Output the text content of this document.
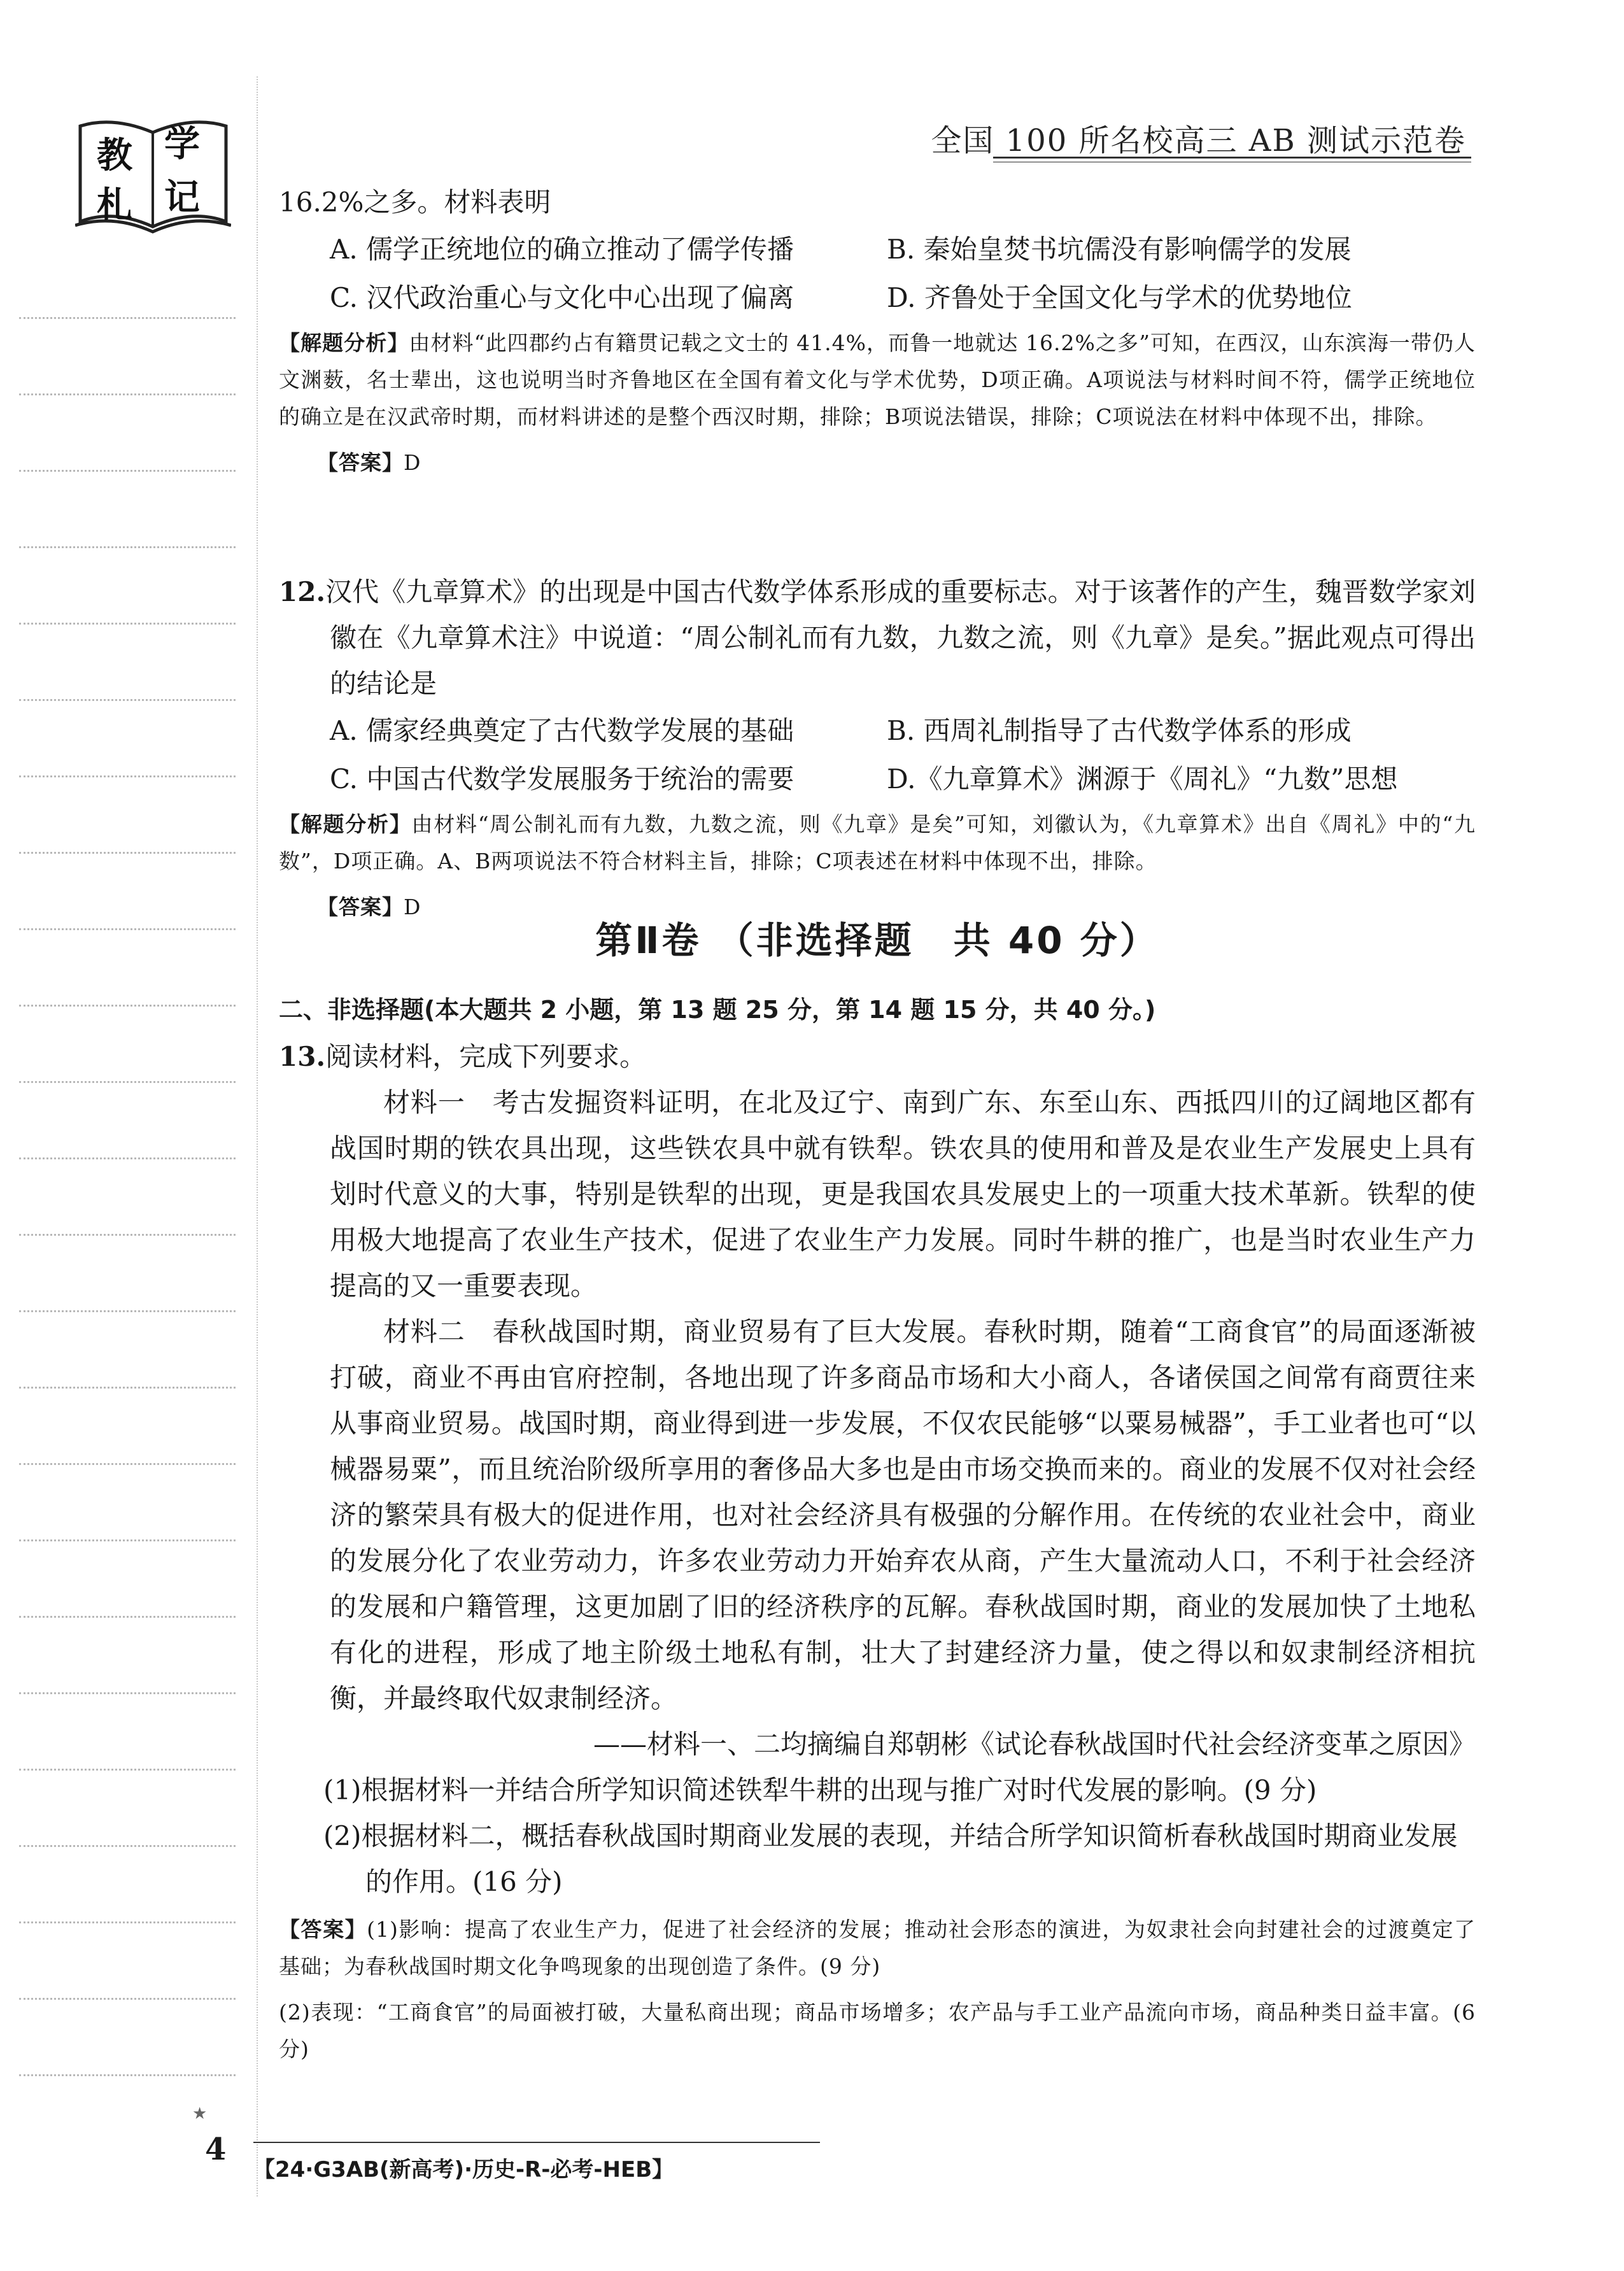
教 学
札 记
全国 100 所名校高三 AB 测试示范卷

16.2%之多。材料表明

A. 儒学正统地位的确立推动了儒学传播	B. 秦始皇焚书坑儒没有影响儒学的发展
C. 汉代政治重心与文化中心出现了偏离	D. 齐鲁处于全国文化与学术的优势地位

【解题分析】由材料“此四郡约占有籍贯记载之文士的 41.4%，而鲁一地就达 16.2%之多”可知，在西汉，山东滨海一带仍人文渊薮，名士辈出，这也说明当时齐鲁地区在全国有着文化与学术优势，D项正确。A项说法与材料时间不符，儒学正统地位的确立是在汉武帝时期，而材料讲述的是整个西汉时期，排除；B项说法错误，排除；C项说法在材料中体现不出，排除。

【答案】D

12.汉代《九章算术》的出现是中国古代数学体系形成的重要标志。对于该著作的产生，魏晋数学家刘徽在《九章算术注》中说道：“周公制礼而有九数，九数之流，则《九章》是矣。”据此观点可得出的结论是

A. 儒家经典奠定了古代数学发展的基础	B. 西周礼制指导了古代数学体系的形成
C. 中国古代数学发展服务于统治的需要	D.《九章算术》渊源于《周礼》“九数”思想

【解题分析】由材料“周公制礼而有九数，九数之流，则《九章》是矣”可知，刘徽认为，《九章算术》出自《周礼》中的“九数”，D项正确。A、B两项说法不符合材料主旨，排除；C项表述在材料中体现不出，排除。

【答案】D

第Ⅱ卷 （非选择题　共 40 分）
二、非选择题(本大题共 2 小题，第 13 题 25 分，第 14 题 15 分，共 40 分。)

13.阅读材料，完成下列要求。

材料一　考古发掘资料证明，在北及辽宁、南到广东、东至山东、西抵四川的辽阔地区都有战国时期的铁农具出现，这些铁农具中就有铁犁。铁农具的使用和普及是农业生产发展史上具有划时代意义的大事，特别是铁犁的出现，更是我国农具发展史上的一项重大技术革新。铁犁的使用极大地提高了农业生产技术，促进了农业生产力发展。同时牛耕的推广，也是当时农业生产力提高的又一重要表现。

材料二　春秋战国时期，商业贸易有了巨大发展。春秋时期，随着“工商食官”的局面逐渐被打破，商业不再由官府控制，各地出现了许多商品市场和大小商人，各诸侯国之间常有商贾往来从事商业贸易。战国时期，商业得到进一步发展，不仅农民能够“以粟易械器”，手工业者也可“以械器易粟”，而且统治阶级所享用的奢侈品大多也是由市场交换而来的。商业的发展不仅对社会经济的繁荣具有极大的促进作用，也对社会经济具有极强的分解作用。在传统的农业社会中，商业的发展分化了农业劳动力，许多农业劳动力开始弃农从商，产生大量流动人口，不利于社会经济的发展和户籍管理，这更加剧了旧的经济秩序的瓦解。春秋战国时期，商业的发展加快了土地私有化的进程，形成了地主阶级土地私有制，壮大了封建经济力量，使之得以和奴隶制经济相抗衡，并最终取代奴隶制经济。

——材料一、二均摘编自郑朝彬《试论春秋战国时代社会经济变革之原因》

(1)根据材料一并结合所学知识简述铁犁牛耕的出现与推广对时代发展的影响。(9 分)

(2)根据材料二，概括春秋战国时期商业发展的表现，并结合所学知识简析春秋战国时期商业发展

的作用。(16 分)

【答案】(1)影响：提高了农业生产力，促进了社会经济的发展；推动社会形态的演进，为奴隶社会向封建社会的过渡奠定了基础；为春秋战国时期文化争鸣现象的出现创造了条件。(9 分)

(2)表现：“工商食官”的局面被打破，大量私商出现；商品市场增多；农产品与手工业产品流向市场，商品种类日益丰富。(6 分)

★
4
【24·G3AB(新高考)·历史-R-必考-HEB】
